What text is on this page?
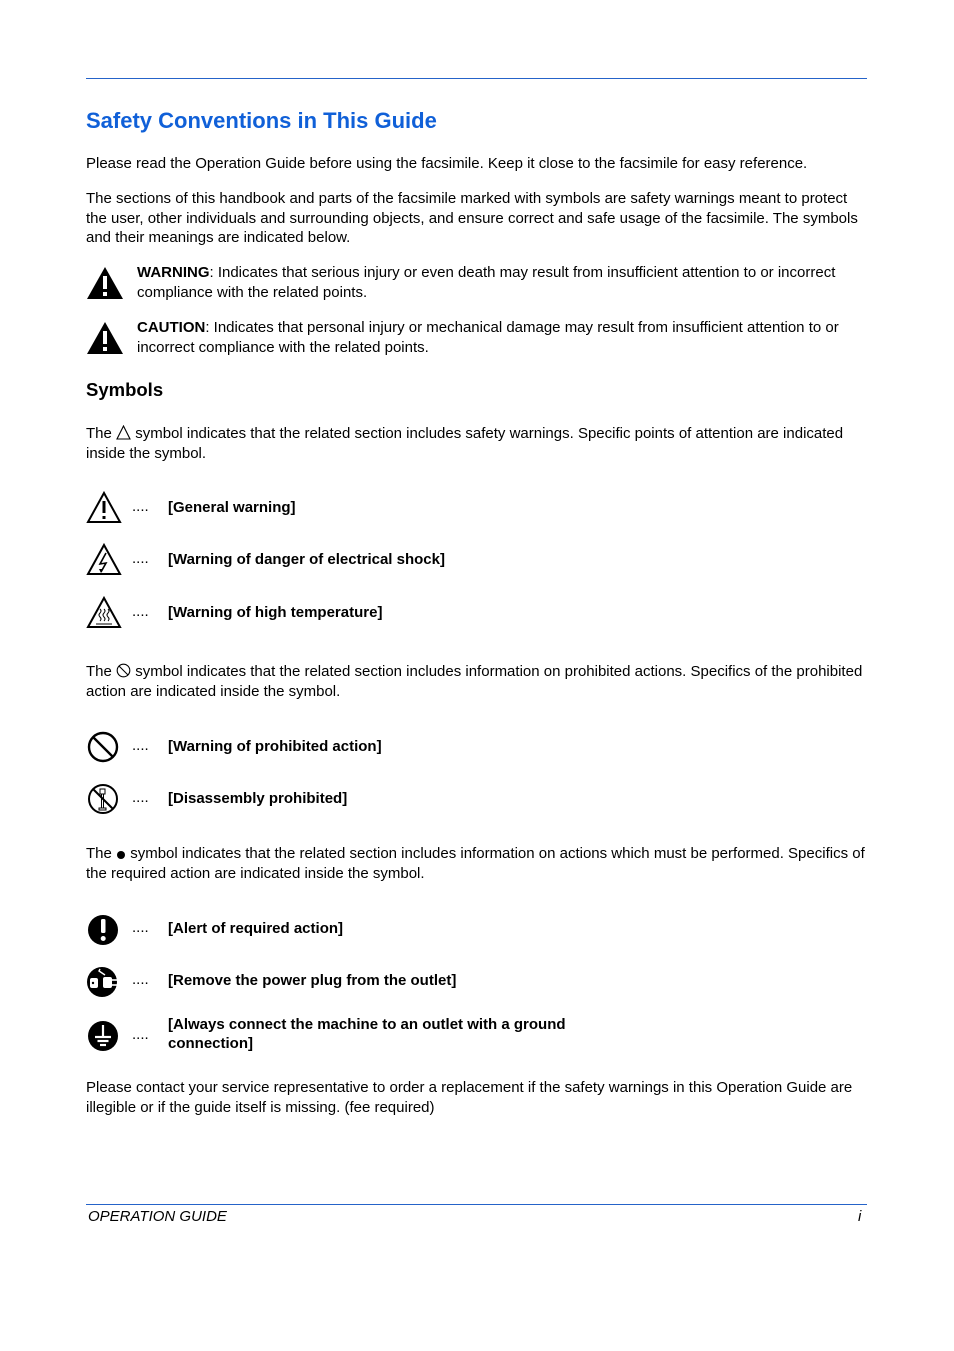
Safety Conventions in This Guide

Please read the Operation Guide before using the facsimile. Keep it close to the facsimile for easy reference.

The sections of this handbook and parts of the facsimile marked with symbols are safety warnings meant to protect the user, other individuals and surrounding objects, and ensure correct and safe usage of the facsimile. The symbols and their meanings are indicated below.

WARNING: Indicates that serious injury or even death may result from insufficient attention to or incorrect compliance with the related points.
CAUTION: Indicates that personal injury or mechanical damage may result from insufficient attention to or incorrect compliance with the related points.
Symbols

The symbol indicates that the related section includes safety warnings. Specific points of attention are indicated inside the symbol.

.... [General warning]
.... [Warning of danger of electrical shock]
.... [Warning of high temperature]

The symbol indicates that the related section includes information on prohibited actions. Specifics of the prohibited action are indicated inside the symbol.

.... [Warning of prohibited action]
.... [Disassembly prohibited]

The symbol indicates that the related section includes information on actions which must be performed. Specifics of the required action are indicated inside the symbol.

.... [Alert of required action]
.... [Remove the power plug from the outlet]
....
[Always connect the machine to an outlet with a ground connection]

Please contact your service representative to order a replacement if the safety warnings in this Operation Guide are illegible or if the guide itself is missing. (fee required)

OPERATION GUIDE	i
